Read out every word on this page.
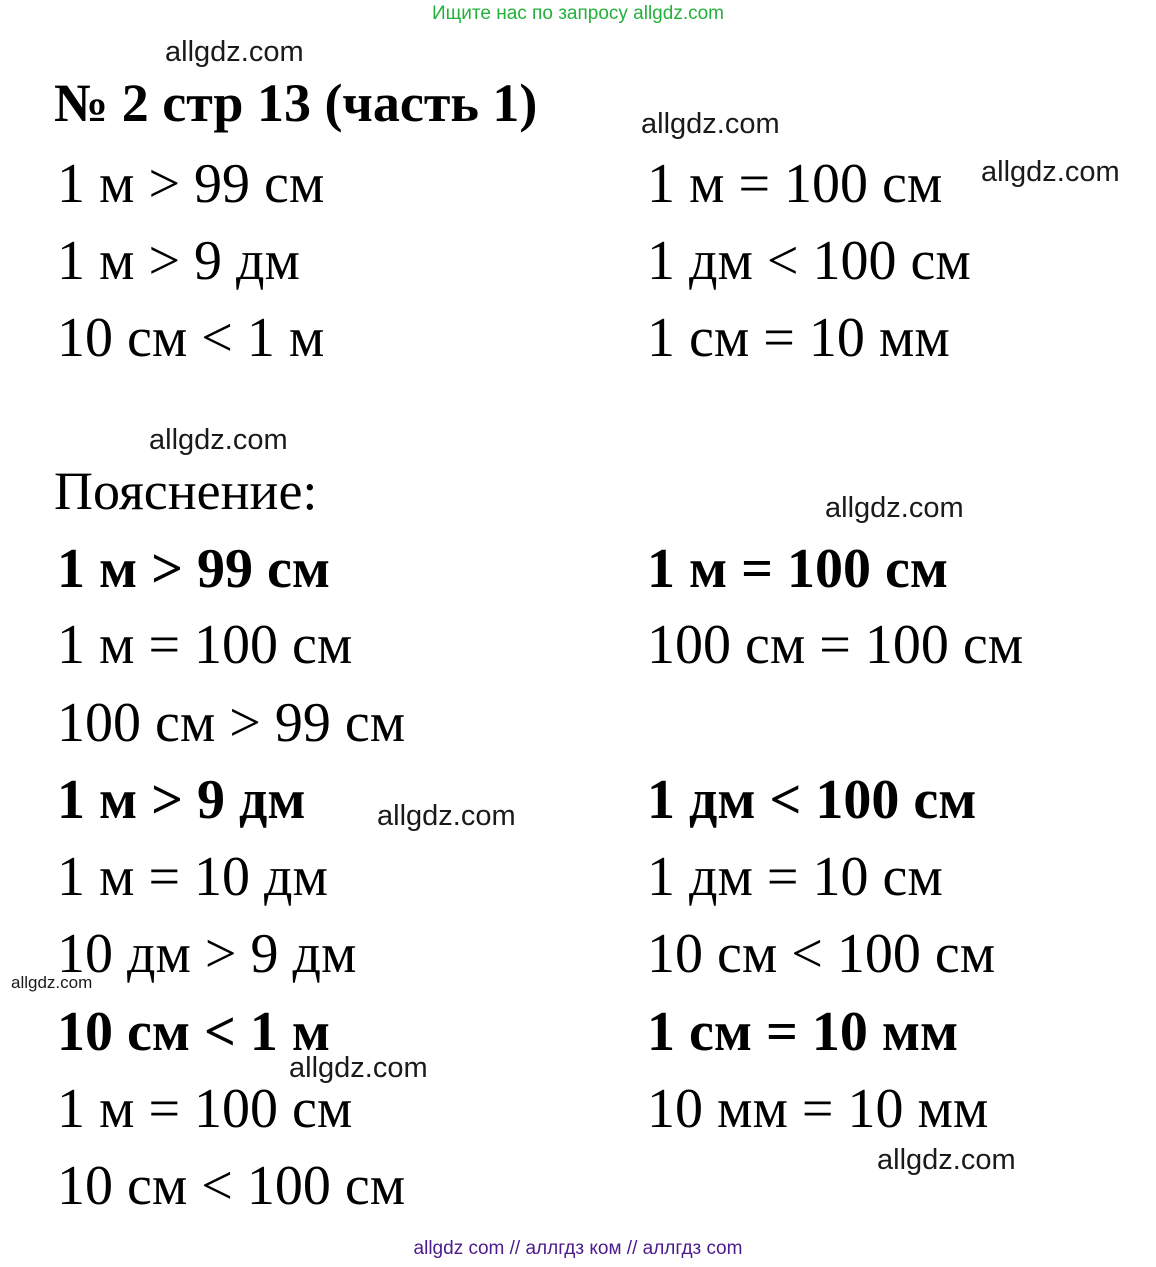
Ищите нас по запросу allgdz.com
allgdz.com
allgdz.com
allgdz.com
allgdz.com
allgdz.com
allgdz.com
allgdz.com
allgdz.com
allgdz.com
№ 2 стр 13 (часть 1)
1 м > 99 см
1 м > 9 дм
10 см < 1 м
1 м = 100 см
1 дм < 100 см
1 см = 10 мм
Пояснение:
1 м > 99 см
1 м = 100 см
100 см > 99 см
1 м > 9 дм
1 м = 10 дм
10 дм > 9 дм
10 см < 1 м
1 м = 100 см
10 см < 100 см
1 м = 100 см
100 см = 100 см
1 дм < 100 см
1 дм = 10 см
10 см < 100 см
1 см = 10 мм
10 мм = 10 мм
allgdz com // аллгдз ком // аллгдз com
